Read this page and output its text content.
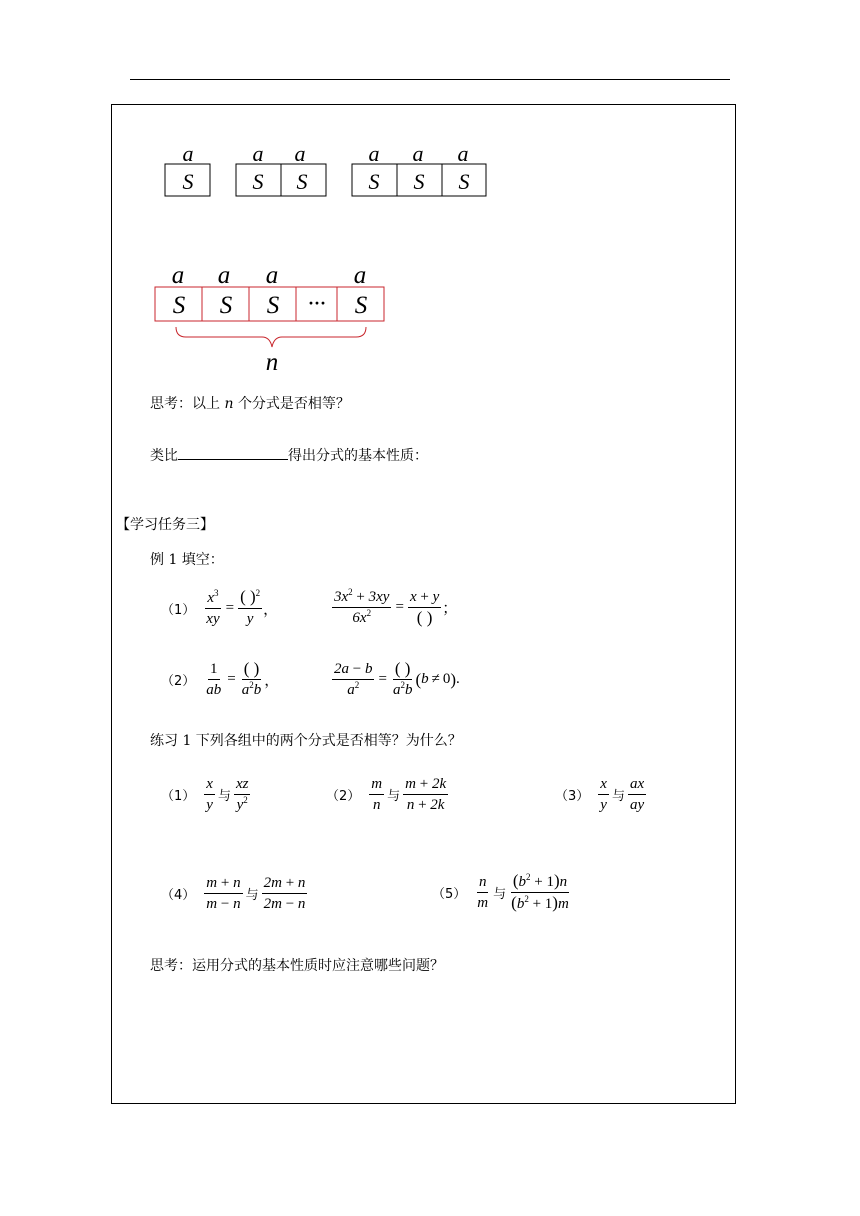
a
S
a a
S S
a a a
S S S
a a a	a
S S S ··· S
n
思考：以上 n 个分式是否相等？
类比	得出分式的基本性质：
【学习任务三】
例 1 填空：
$(1) \frac{x^3}{xy} = \frac{( )^2}{y}$ ，	$\frac{3x^2 + 3xy}{6x^2} = \frac{x + y}{( )}$ ；
$(2) \frac{1}{ab} = \frac{( )}{a^2b}$ ，	$\frac{2a - b}{a^2} = \frac{( )}{a^2b}$ ( b ≠ 0 ) .
练习 1 下列各组中的两个分式是否相等？为什么？
$(1) \frac{x}{y}$ 与 $\frac{xz}{y^2}$	$(2) \frac{m}{n}$ 与 $\frac{m + 2k}{n + 2k}$	$(3) \frac{x}{y}$ 与 $\frac{ax}{ay}$
$(4) \frac{m + n}{m - n}$ 与 $\frac{2m + n}{2m - n}$	$(5) \frac{n}{m}$ 与 $\frac{(b^2 + 1)n}{(b^2 + 1)m}$
思考：运用分式的基本性质时应注意哪些问题？
